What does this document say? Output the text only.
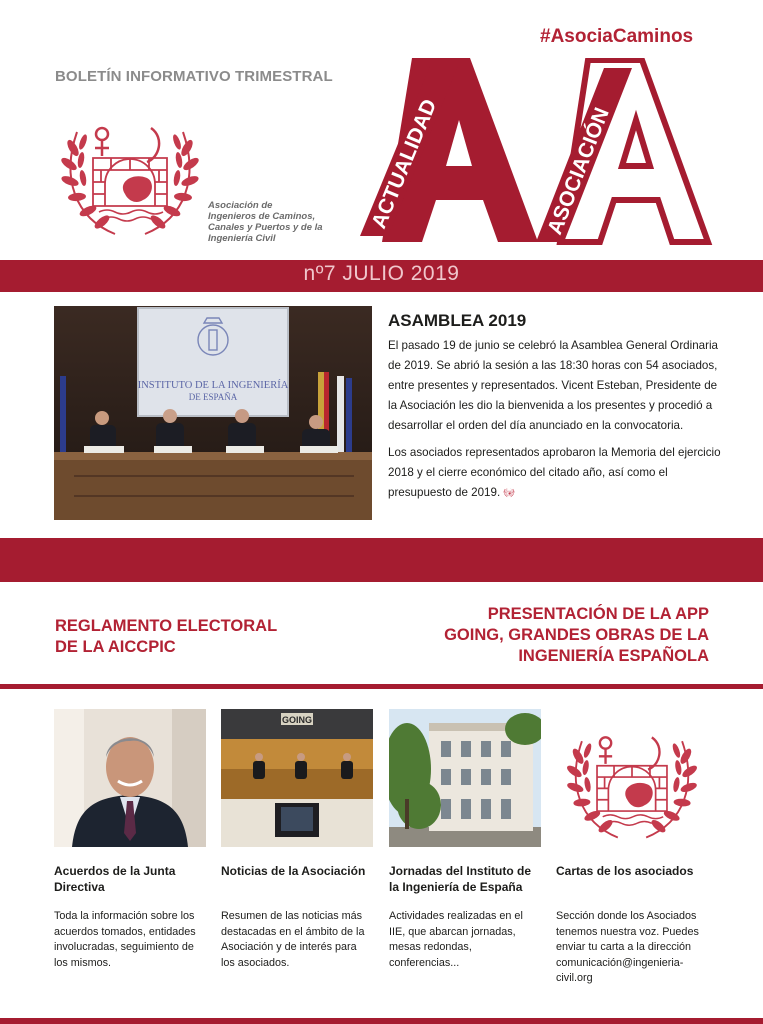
#AsociaCaminos
BOLETÍN INFORMATIVO TRIMESTRAL
Asociación de
Ingenieros de Caminos,
Canales y Puertos y de la
Ingeniería Civil
ACTUALIDAD	ASOCIACIÓN
nº7 JULIO 2019
INSTITUTO DE LA INGENIERÍA
DE ESPAÑA
ASAMBLEA 2019

El pasado 19 de junio se celebró la Asamblea General Ordinaria de 2019. Se abrió la sesión a las 18:30 horas con 54 asociados, entre presentes y representados. Vicent Esteban, Presidente de la Asociación les dio la bienvenida a los presentes y procedió a desarrollar el orden del día anunciado en la convocatoria.

Los asociados representados aprobaron la Memoria del ejercicio 2018 y el cierre económico del citado año, así como el presupuesto de 2019.

REGLAMENTO ELECTORAL
DE LA AICCPIC
PRESENTACIÓN DE LA APP
GOING, GRANDES OBRAS DE LA
INGENIERÍA ESPAÑOLA
Acuerdos de la Junta Directiva
Toda la información sobre los acuerdos tomados, entidades involucradas, seguimiento de los mismos.
GOING
Noticias de la Asociación
Resumen de las noticias más destacadas en el ámbito de la Asociación y de interés para los asociados.
Jornadas del Instituto de la Ingeniería de España
Actividades realizadas en el IIE, que abarcan jornadas, mesas redondas, conferencias...
Cartas de los asociados
Sección donde los Asociados tenemos nuestra voz. Puedes enviar tu carta a la dirección comunicación@ingenieria-civil.org
